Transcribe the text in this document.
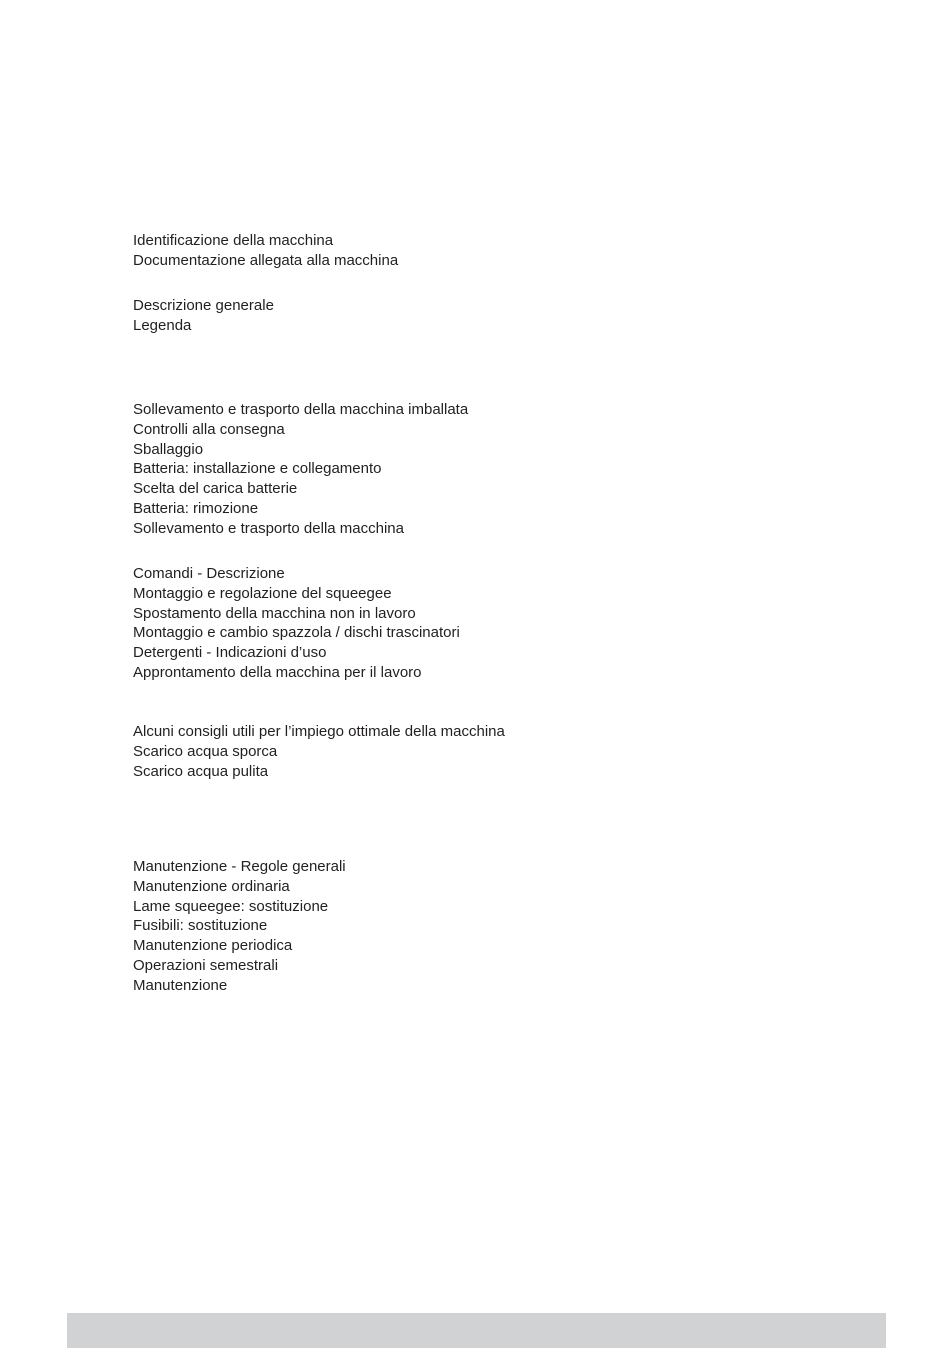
Identificazione della macchina
Documentazione allegata alla macchina
Descrizione generale
Legenda
Sollevamento e trasporto della macchina imballata
Controlli alla consegna
Sballaggio
Batteria: installazione e collegamento
Scelta del carica batterie
Batteria: rimozione
Sollevamento e trasporto della macchina
Comandi - Descrizione
Montaggio e regolazione del squeegee
Spostamento della macchina non in lavoro
Montaggio e cambio spazzola / dischi trascinatori
Detergenti - Indicazioni d’uso
Approntamento della macchina per il lavoro
Alcuni consigli utili per l’impiego ottimale della macchina
Scarico acqua sporca
Scarico acqua pulita
Manutenzione - Regole generali
Manutenzione ordinaria
Lame squeegee: sostituzione
Fusibili: sostituzione
Manutenzione periodica
Operazioni semestrali
Manutenzione
